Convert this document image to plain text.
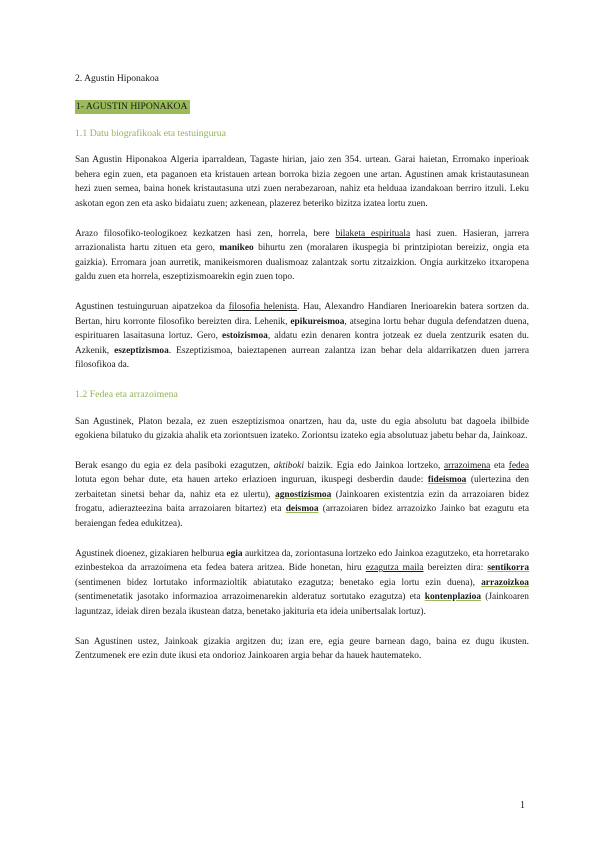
2. Agustin Hiponakoa
1- AGUSTIN HIPONAKOA
1.1 Datu biografikoak eta testuingurua

San Agustin Hiponakoa Algeria iparraldean, Tagaste hirian, jaio zen 354. urtean. Garai haietan, Erromako inperioak behera egin zuen, eta paganoen eta kristauen artean borroka bizia zegoen une artan. Agustinen amak kristautasunean hezi zuen semea, baina honek kristautasuna utzi zuen nerabezaroan, nahiz eta helduaa izandakoan berriro itzuli. Leku askotan egon zen eta asko bidaiatu zuen; azkenean, plazerez beteriko bizitza izatea lortu zuen.

Arazo filosofiko-teologikoez kezkatzen hasi zen, horrela, bere bilaketa espirituala hasi zuen. Hasieran, jarrera arrazionalista hartu zituen eta gero, manikeo bihurtu zen (moralaren ikuspegia bi printzipiotan bereiziz, ongia eta gaizkia). Erromara joan aurretik, manikeismoren dualismoaz zalantzak sortu zitzaizkion. Ongia aurkitzeko itxaropena galdu zuen eta horrela, eszeptizismoarekin egin zuen topo.

Agustinen testuinguruan aipatzekoa da filosofia helenista. Hau, Alexandro Handiaren Inerioarekin batera sortzen da. Bertan, hiru korronte filosofiko bereizten dira. Lehenik, epikureismoa, atsegina lortu behar dugula defendatzen duena, espirituaren lasaitasuna lortuz. Gero, estoizismoa, aldatu ezin denaren kontra jotzeak ez duela zentzurik esaten du. Azkenik, eszeptizismoa. Eszeptizismoa, baieztapenen aurrean zalantza izan behar dela aldarrikatzen duen jarrera filosofikoa da.

1.2 Fedea eta arrazoimena

San Agustinek, Platon bezala, ez zuen eszeptizismoa onartzen, hau da, uste du egia absolutu bat dagoela ibilbide egokiena bilatuko du gizakia ahalik eta zoriontsuen izateko. Zoriontsu izateko egia absolutuaz jabetu behar da, Jainkoaz.

Berak esango du egia ez dela pasiboki ezagutzen, aktiboki baizik. Egia edo Jainkoa lortzeko, arrazoimena eta fedea lotuta egon behar dute, eta hauen arteko erlazioen inguruan, ikuspegi desberdin daude: fideismoa (ulertezina den zerbaitetan sinetsi behar da, nahiz eta ez ulertu), agnostizismoa (Jainkoaren existentzia ezin da arrazoiaren bidez frogatu, adierazteezina baita arrazoiaren bitartez) eta deismoa (arrazoiaren bidez arrazoizko Jainko bat ezagutu eta beraiengan fedea edukitzea).

Agustinek dioenez, gizakiaren helburua egia aurkitzea da, zoriontasuna lortzeko edo Jainkoa ezagutzeko, eta horretarako ezinbestekoa da arrazoimena eta fedea batera aritzea. Bide honetan, hiru ezagutza maila bereizten dira: sentikorra (sentimenen bidez lortutako informazioltik abiatutako ezagutza; benetako egia lortu ezin duena), arrazoizkoa (sentimenetatik jasotako informazioa arrazoimenarekin alderatuz sortutako ezagutza) eta kontenplazioa (Jainkoaren laguntzaz, ideiak diren bezala ikustean datza, benetako jakituria eta ideia unibertsalak lortuz).

San Agustinen ustez, Jainkoak gizakia argitzen du; izan ere, egia geure barnean dago, baina ez dugu ikusten. Zentzumenek ere ezin dute ikusi eta ondorioz Jainkoaren argia behar da hauek hautemateko.

1
